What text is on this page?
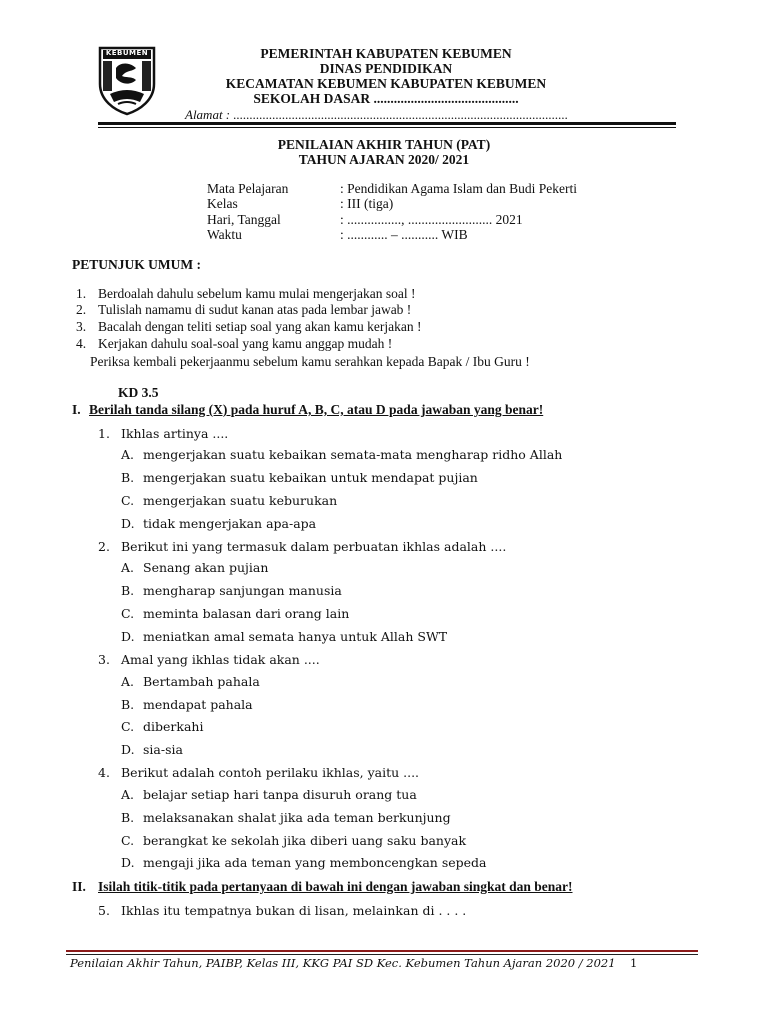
KEBUMEN	PEMERINTAH KABUPATEN KEBUMEN
DINAS PENDIDIKAN
KECAMATAN KEBUMEN KABUPATEN KEBUMEN
SEKOLAH DASAR ...........................................
Alamat : .......................................................................................................
PENILAIAN AKHIR TAHUN (PAT)
TAHUN AJARAN 2020/ 2021
Mata Pelajaran	: Pendidikan Agama Islam dan Budi Pekerti
Kelas	: III (tiga)
Hari, Tanggal	: ................, ......................... 2021
Waktu	: ............ – ........... WIB
PETUNJUK UMUM :
1. Berdoalah dahulu sebelum kamu mulai mengerjakan soal !
2. Tulislah namamu di sudut kanan atas pada lembar jawab !
3. Bacalah dengan teliti setiap soal yang akan kamu kerjakan !
4. Kerjakan dahulu soal-soal yang kamu anggap mudah !
Periksa kembali pekerjaanmu sebelum kamu serahkan kepada Bapak / Ibu Guru !
KD 3.5
I. Berilah tanda silang (X) pada huruf A, B, C, atau D pada jawaban yang benar!
1. Ikhlas artinya ....
A. mengerjakan suatu kebaikan semata-mata mengharap ridho Allah
B. mengerjakan suatu kebaikan untuk mendapat pujian
C. mengerjakan suatu keburukan
D. tidak mengerjakan apa-apa
2. Berikut ini yang termasuk dalam perbuatan ikhlas adalah ....
A. Senang akan pujian
B. mengharap sanjungan manusia
C. meminta balasan dari orang lain
D. meniatkan amal semata hanya untuk Allah SWT
3. Amal yang ikhlas tidak akan ....
A. Bertambah pahala
B. mendapat pahala
C. diberkahi
D. sia-sia
4. Berikut adalah contoh perilaku ikhlas, yaitu ....
A. belajar setiap hari tanpa disuruh orang tua
B. melaksanakan shalat jika ada teman berkunjung
C. berangkat ke sekolah jika diberi uang saku banyak
D. mengaji jika ada teman yang memboncengkan sepeda
II. Isilah titik-titik pada pertanyaan di bawah ini dengan jawaban singkat dan benar!
5. Ikhlas itu tempatnya bukan di lisan, melainkan di . . . .
Penilaian Akhir Tahun, PAIBP, Kelas III, KKG PAI SD Kec. Kebumen Tahun Ajaran 2020 / 2021 1
